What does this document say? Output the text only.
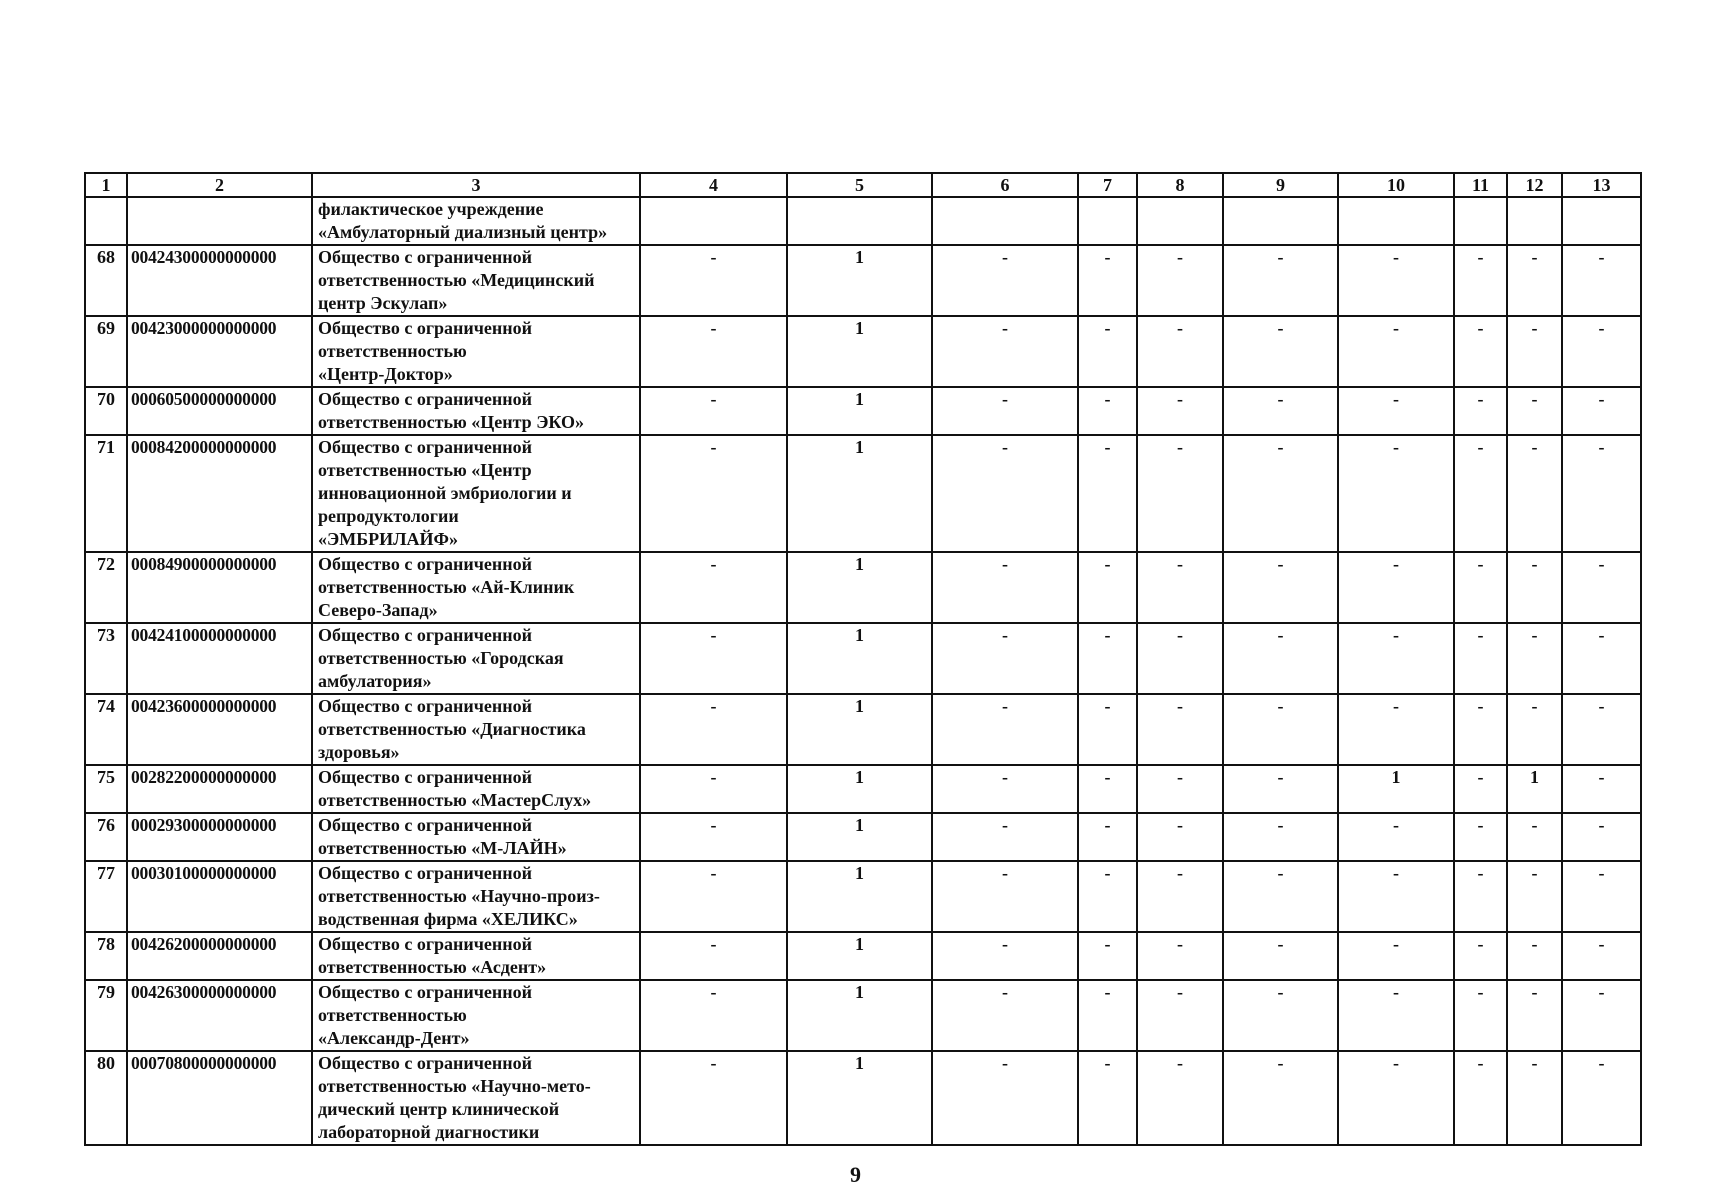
1	2	3	4	5	6	7	8	9	10	11	12	13

		филактическое учреждение
«Амбулаторный диализный центр»										

68	00424300000000000	Общество с ограниченной
ответственностью «Медицинский
центр Эскулап»	-	1	-	-	-	-	-	-	-	-
69	00423000000000000	Общество с ограниченной
ответственностью
«Центр-Доктор»	-	1	-	-	-	-	-	-	-	-
70	00060500000000000	Общество с ограниченной
ответственностью «Центр ЭКО»	-	1	-	-	-	-	-	-	-	-
71	00084200000000000	Общество с ограниченной
ответственностью «Центр
инновационной эмбриологии и
репродуктологии
«ЭМБРИЛАЙФ»	-	1	-	-	-	-	-	-	-	-
72	00084900000000000	Общество с ограниченной
ответственностью «Ай-Клиник
Северо-Запад»	-	1	-	-	-	-	-	-	-	-
73	00424100000000000	Общество с ограниченной
ответственностью «Городская
амбулатория»	-	1	-	-	-	-	-	-	-	-
74	00423600000000000	Общество с ограниченной
ответственностью «Диагностика
здоровья»	-	1	-	-	-	-	-	-	-	-
75	00282200000000000	Общество с ограниченной
ответственностью «МастерСлух»	-	1	-	-	-	-	1	-	1	-
76	00029300000000000	Общество с ограниченной
ответственностью «М-ЛАЙН»	-	1	-	-	-	-	-	-	-	-
77	00030100000000000	Общество с ограниченной
ответственностью «Научно-произ-
водственная фирма «ХЕЛИКС»	-	1	-	-	-	-	-	-	-	-
78	00426200000000000	Общество с ограниченной
ответственностью «Асдент»	-	1	-	-	-	-	-	-	-	-
79	00426300000000000	Общество с ограниченной
ответственностью
«Александр-Дент»	-	1	-	-	-	-	-	-	-	-
80	00070800000000000	Общество с ограниченной
ответственностью «Научно-мето-
дический центр клинической
лабораторной диагностики	-	1	-	-	-	-	-	-	-	-
9
